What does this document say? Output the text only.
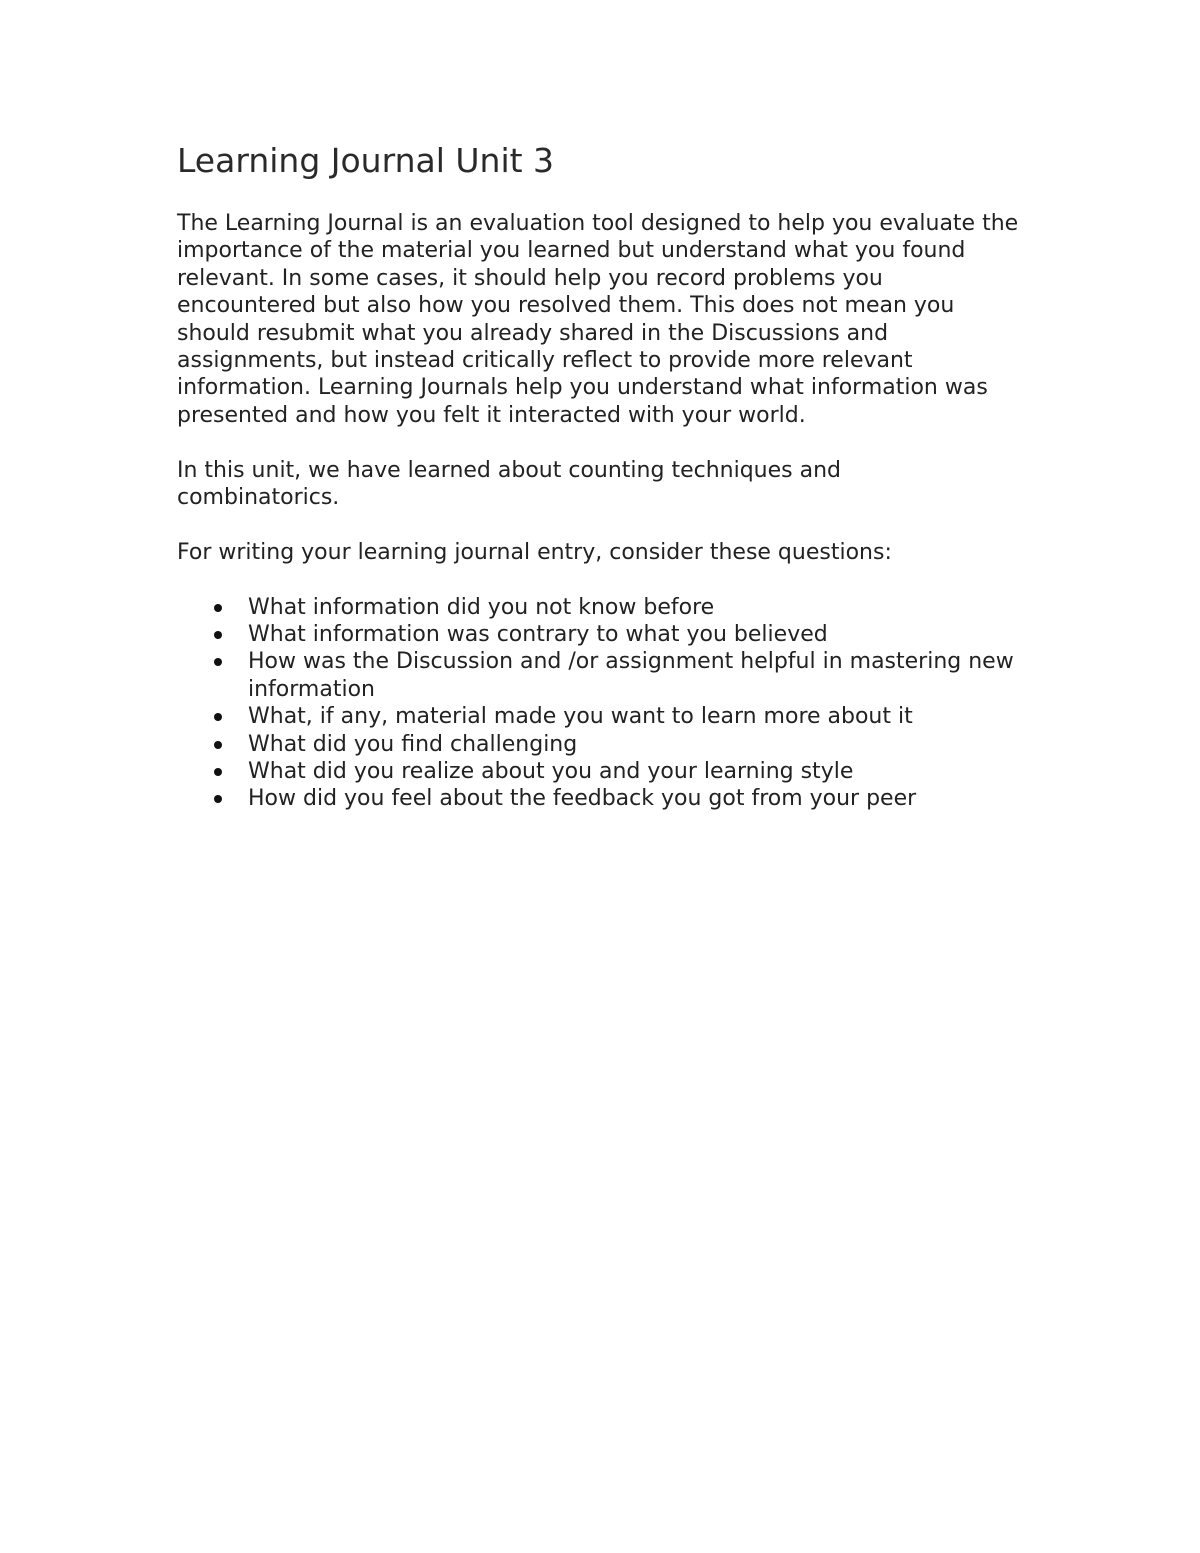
Learning Journal Unit 3

The Learning Journal is an evaluation tool designed to help you evaluate the importance of the material you learned but understand what you found relevant. In some cases, it should help you record problems you encountered but also how you resolved them. This does not mean you should resubmit what you already shared in the Discussions and assignments, but instead critically reflect to provide more relevant information. Learning Journals help you understand what information was presented and how you felt it interacted with your world.

In this unit, we have learned about counting techniques and combinatorics.

For writing your learning journal entry, consider these questions:

What information did you not know before
What information was contrary to what you believed
How was the Discussion and /or assignment helpful in mastering new information
What, if any, material made you want to learn more about it
What did you find challenging
What did you realize about you and your learning style
How did you feel about the feedback you got from your peer
